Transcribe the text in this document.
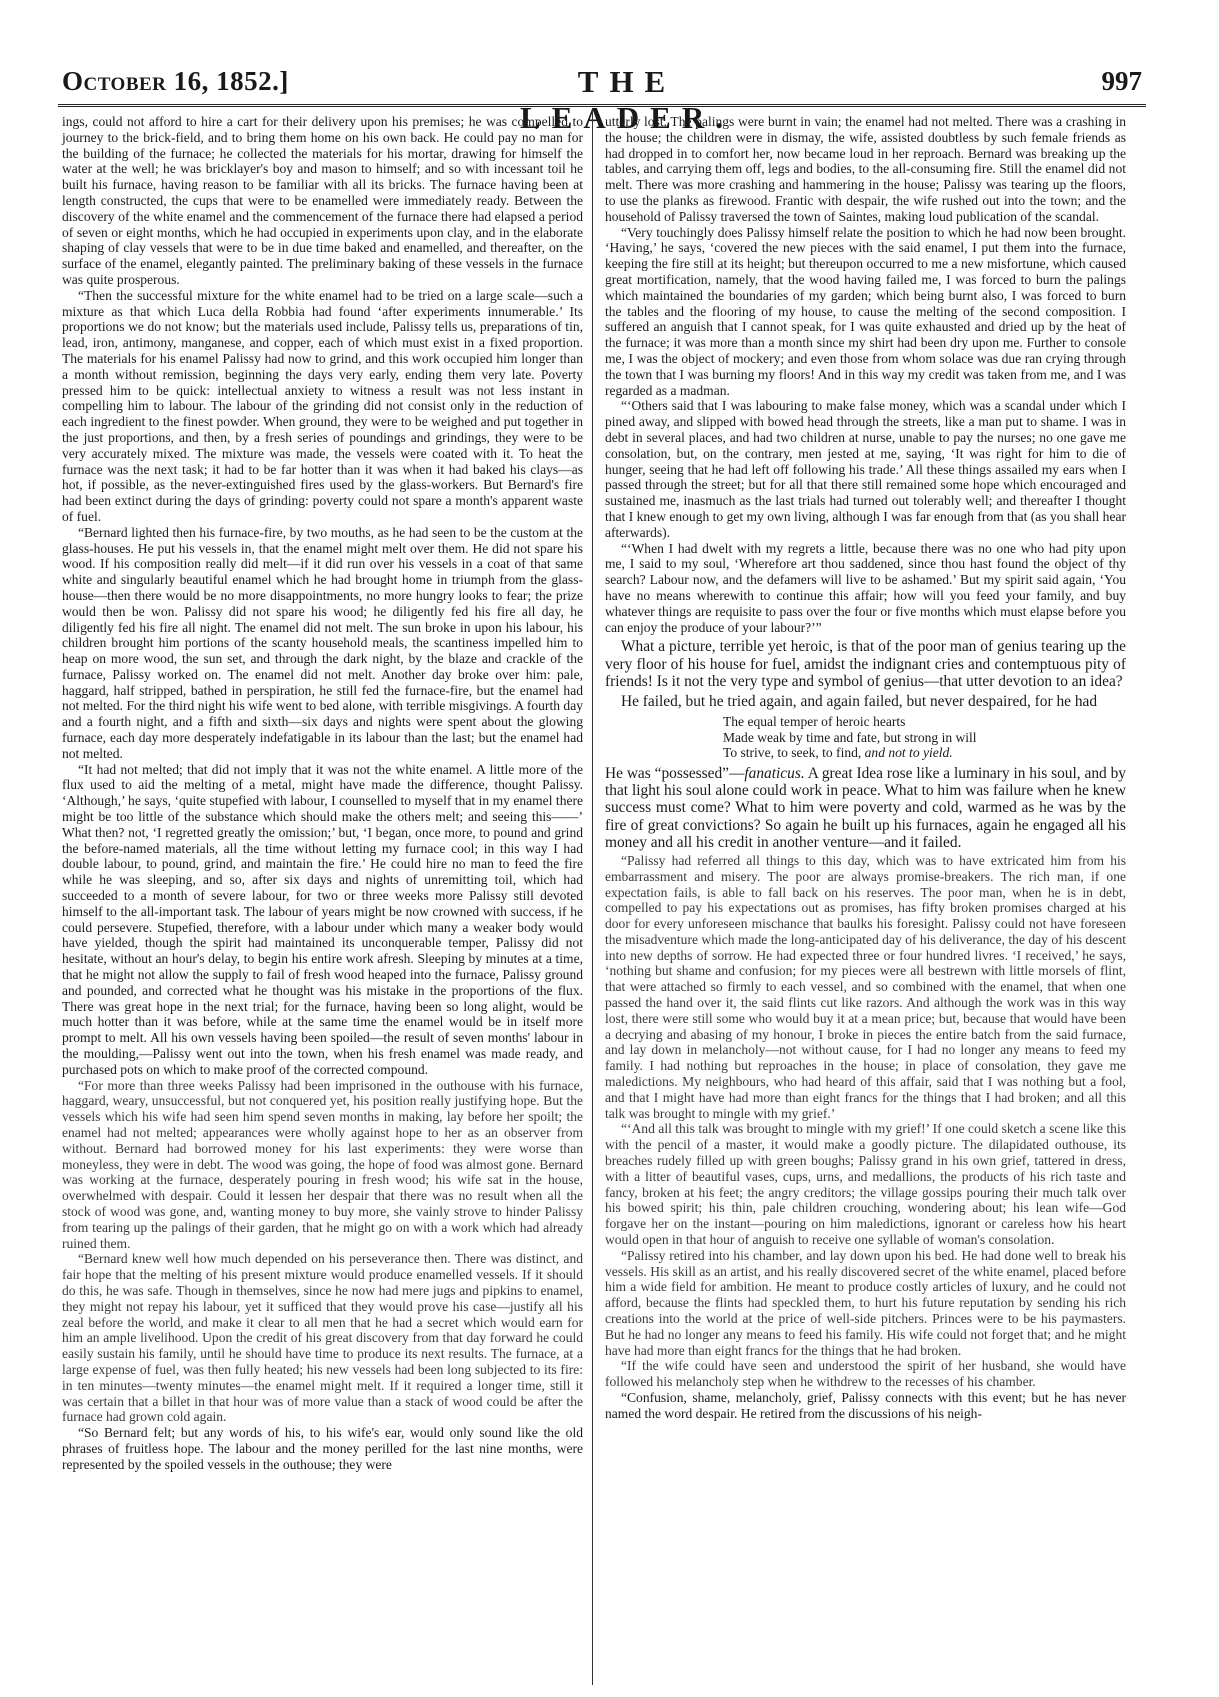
October 16, 1852.]	THE LEADER.
997

ings, could not afford to hire a cart for their delivery upon his premises; he was compelled to journey to the brick-field, and to bring them home on his own back. He could pay no man for the building of the furnace; he collected the materials for his mortar, drawing for himself the water at the well; he was bricklayer's boy and mason to himself; and so with incessant toil he built his furnace, having reason to be familiar with all its bricks. The furnace having been at length constructed, the cups that were to be enamelled were immediately ready. Between the discovery of the white enamel and the commencement of the furnace there had elapsed a period of seven or eight months, which he had occupied in experiments upon clay, and in the elaborate shaping of clay vessels that were to be in due time baked and enamelled, and thereafter, on the surface of the enamel, elegantly painted. The preliminary baking of these vessels in the furnace was quite prosperous.

“Then the successful mixture for the white enamel had to be tried on a large scale—such a mixture as that which Luca della Robbia had found ‘after experiments innumerable.’ Its proportions we do not know; but the materials used include, Palissy tells us, preparations of tin, lead, iron, antimony, manganese, and copper, each of which must exist in a fixed proportion. The materials for his enamel Palissy had now to grind, and this work occupied him longer than a month without remission, beginning the days very early, ending them very late. Poverty pressed him to be quick: intellectual anxiety to witness a result was not less instant in compelling him to labour. The labour of the grinding did not consist only in the reduction of each ingredient to the finest powder. When ground, they were to be weighed and put together in the just proportions, and then, by a fresh series of poundings and grindings, they were to be very accurately mixed. The mixture was made, the vessels were coated with it. To heat the furnace was the next task; it had to be far hotter than it was when it had baked his clays—as hot, if possible, as the never-extinguished fires used by the glass-workers. But Bernard's fire had been extinct during the days of grinding: poverty could not spare a month's apparent waste of fuel.

“Bernard lighted then his furnace-fire, by two mouths, as he had seen to be the custom at the glass-houses. He put his vessels in, that the enamel might melt over them. He did not spare his wood. If his composition really did melt—if it did run over his vessels in a coat of that same white and singularly beautiful enamel which he had brought home in triumph from the glass-house—then there would be no more disappointments, no more hungry looks to fear; the prize would then be won. Palissy did not spare his wood; he diligently fed his fire all day, he diligently fed his fire all night. The enamel did not melt. The sun broke in upon his labour, his children brought him portions of the scanty household meals, the scantiness impelled him to heap on more wood, the sun set, and through the dark night, by the blaze and crackle of the furnace, Palissy worked on. The enamel did not melt. Another day broke over him: pale, haggard, half stripped, bathed in perspiration, he still fed the furnace-fire, but the enamel had not melted. For the third night his wife went to bed alone, with terrible misgivings. A fourth day and a fourth night, and a fifth and sixth—six days and nights were spent about the glowing furnace, each day more desperately indefatigable in its labour than the last; but the enamel had not melted.

“It had not melted; that did not imply that it was not the white enamel. A little more of the flux used to aid the melting of a metal, might have made the difference, thought Palissy. ‘Although,’ he says, ‘quite stupefied with labour, I counselled to myself that in my enamel there might be too little of the substance which should make the others melt; and seeing this——’ What then? not, ‘I regretted greatly the omission;’ but, ‘I began, once more, to pound and grind the before-named materials, all the time without letting my furnace cool; in this way I had double labour, to pound, grind, and maintain the fire.’ He could hire no man to feed the fire while he was sleeping, and so, after six days and nights of unremitting toil, which had succeeded to a month of severe labour, for two or three weeks more Palissy still devoted himself to the all-important task. The labour of years might be now crowned with success, if he could persevere. Stupefied, therefore, with a labour under which many a weaker body would have yielded, though the spirit had maintained its unconquerable temper, Palissy did not hesitate, without an hour's delay, to begin his entire work afresh. Sleeping by minutes at a time, that he might not allow the supply to fail of fresh wood heaped into the furnace, Palissy ground and pounded, and corrected what he thought was his mistake in the proportions of the flux. There was great hope in the next trial; for the furnace, having been so long alight, would be much hotter than it was before, while at the same time the enamel would be in itself more prompt to melt. All his own vessels having been spoiled—the result of seven months' labour in the moulding,—Palissy went out into the town, when his fresh enamel was made ready, and purchased pots on which to make proof of the corrected compound.

“For more than three weeks Palissy had been imprisoned in the outhouse with his furnace, haggard, weary, unsuccessful, but not conquered yet, his position really justifying hope. But the vessels which his wife had seen him spend seven months in making, lay before her spoilt; the enamel had not melted; appearances were wholly against hope to her as an observer from without. Bernard had borrowed money for his last experiments: they were worse than moneyless, they were in debt. The wood was going, the hope of food was almost gone. Bernard was working at the furnace, desperately pouring in fresh wood; his wife sat in the house, overwhelmed with despair. Could it lessen her despair that there was no result when all the stock of wood was gone, and, wanting money to buy more, she vainly strove to hinder Palissy from tearing up the palings of their garden, that he might go on with a work which had already ruined them.

“Bernard knew well how much depended on his perseverance then. There was distinct, and fair hope that the melting of his present mixture would produce enamelled vessels. If it should do this, he was safe. Though in themselves, since he now had mere jugs and pipkins to enamel, they might not repay his labour, yet it sufficed that they would prove his case—justify all his zeal before the world, and make it clear to all men that he had a secret which would earn for him an ample livelihood. Upon the credit of his great discovery from that day forward he could easily sustain his family, until he should have time to produce its next results. The furnace, at a large expense of fuel, was then fully heated; his new vessels had been long subjected to its fire: in ten minutes—twenty minutes—the enamel might melt. If it required a longer time, still it was certain that a billet in that hour was of more value than a stack of wood could be after the furnace had grown cold again.

“So Bernard felt; but any words of his, to his wife's ear, would only sound like the old phrases of fruitless hope. The labour and the money perilled for the last nine months, were represented by the spoiled vessels in the outhouse; they were

utterly lost. The palings were burnt in vain; the enamel had not melted. There was a crashing in the house; the children were in dismay, the wife, assisted doubtless by such female friends as had dropped in to comfort her, now became loud in her reproach. Bernard was breaking up the tables, and carrying them off, legs and bodies, to the all-consuming fire. Still the enamel did not melt. There was more crashing and hammering in the house; Palissy was tearing up the floors, to use the planks as firewood. Frantic with despair, the wife rushed out into the town; and the household of Palissy traversed the town of Saintes, making loud publication of the scandal.

“Very touchingly does Palissy himself relate the position to which he had now been brought. ‘Having,’ he says, ‘covered the new pieces with the said enamel, I put them into the furnace, keeping the fire still at its height; but thereupon occurred to me a new misfortune, which caused great mortification, namely, that the wood having failed me, I was forced to burn the palings which maintained the boundaries of my garden; which being burnt also, I was forced to burn the tables and the flooring of my house, to cause the melting of the second composition. I suffered an anguish that I cannot speak, for I was quite exhausted and dried up by the heat of the furnace; it was more than a month since my shirt had been dry upon me. Further to console me, I was the object of mockery; and even those from whom solace was due ran crying through the town that I was burning my floors! And in this way my credit was taken from me, and I was regarded as a madman.

“‘Others said that I was labouring to make false money, which was a scandal under which I pined away, and slipped with bowed head through the streets, like a man put to shame. I was in debt in several places, and had two children at nurse, unable to pay the nurses; no one gave me consolation, but, on the contrary, men jested at me, saying, ‘It was right for him to die of hunger, seeing that he had left off following his trade.’ All these things assailed my ears when I passed through the street; but for all that there still remained some hope which encouraged and sustained me, inasmuch as the last trials had turned out tolerably well; and thereafter I thought that I knew enough to get my own living, although I was far enough from that (as you shall hear afterwards).

“‘When I had dwelt with my regrets a little, because there was no one who had pity upon me, I said to my soul, ‘Wherefore art thou saddened, since thou hast found the object of thy search? Labour now, and the defamers will live to be ashamed.’ But my spirit said again, ‘You have no means wherewith to continue this affair; how will you feed your family, and buy whatever things are requisite to pass over the four or five months which must elapse before you can enjoy the produce of your labour?’”

What a picture, terrible yet heroic, is that of the poor man of genius tearing up the very floor of his house for fuel, amidst the indignant cries and contemptuous pity of friends! Is it not the very type and symbol of genius—that utter devotion to an idea?

He failed, but he tried again, and again failed, but never despaired, for he had

The equal temper of heroic hearts
Made weak by time and fate, but strong in will
To strive, to seek, to find, and not to yield.

He was “possessed”—fanaticus. A great Idea rose like a luminary in his soul, and by that light his soul alone could work in peace. What to him was failure when he knew success must come? What to him were poverty and cold, warmed as he was by the fire of great convictions? So again he built up his furnaces, again he engaged all his money and all his credit in another venture—and it failed.

“Palissy had referred all things to this day, which was to have extricated him from his embarrassment and misery. The poor are always promise-breakers. The rich man, if one expectation fails, is able to fall back on his reserves. The poor man, when he is in debt, compelled to pay his expectations out as promises, has fifty broken promises charged at his door for every unforeseen mischance that baulks his foresight. Palissy could not have foreseen the misadventure which made the long-anticipated day of his deliverance, the day of his descent into new depths of sorrow. He had expected three or four hundred livres. ‘I received,’ he says, ‘nothing but shame and confusion; for my pieces were all bestrewn with little morsels of flint, that were attached so firmly to each vessel, and so combined with the enamel, that when one passed the hand over it, the said flints cut like razors. And although the work was in this way lost, there were still some who would buy it at a mean price; but, because that would have been a decrying and abasing of my honour, I broke in pieces the entire batch from the said furnace, and lay down in melancholy—not without cause, for I had no longer any means to feed my family. I had nothing but reproaches in the house; in place of consolation, they gave me maledictions. My neighbours, who had heard of this affair, said that I was nothing but a fool, and that I might have had more than eight francs for the things that I had broken; and all this talk was brought to mingle with my grief.’

“‘And all this talk was brought to mingle with my grief!’ If one could sketch a scene like this with the pencil of a master, it would make a goodly picture. The dilapidated outhouse, its breaches rudely filled up with green boughs; Palissy grand in his own grief, tattered in dress, with a litter of beautiful vases, cups, urns, and medallions, the products of his rich taste and fancy, broken at his feet; the angry creditors; the village gossips pouring their much talk over his bowed spirit; his thin, pale children crouching, wondering about; his lean wife—God forgave her on the instant—pouring on him maledictions, ignorant or careless how his heart would open in that hour of anguish to receive one syllable of woman's consolation.

“Palissy retired into his chamber, and lay down upon his bed. He had done well to break his vessels. His skill as an artist, and his really discovered secret of the white enamel, placed before him a wide field for ambition. He meant to produce costly articles of luxury, and he could not afford, because the flints had speckled them, to hurt his future reputation by sending his rich creations into the world at the price of well-side pitchers. Princes were to be his paymasters. But he had no longer any means to feed his family. His wife could not forget that; and he might have had more than eight francs for the things that he had broken.

“If the wife could have seen and understood the spirit of her husband, she would have followed his melancholy step when he withdrew to the recesses of his chamber.

“Confusion, shame, melancholy, grief, Palissy connects with this event; but he has never named the word despair. He retired from the discussions of his neigh-
